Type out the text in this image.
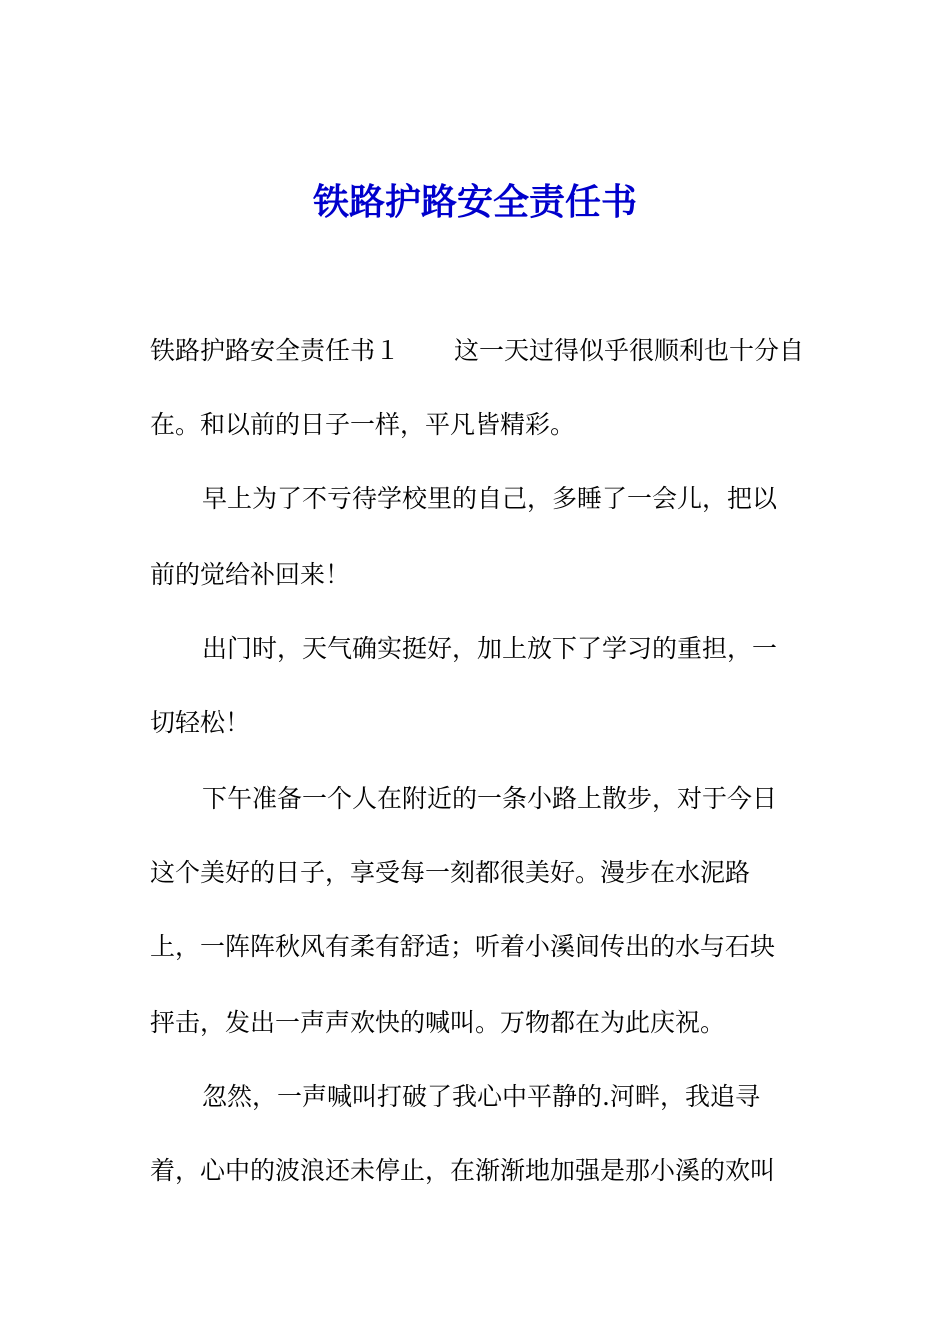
铁路护路安全责任书

铁路护路安全责任书１ 这一天过得似乎很顺利也十分自

在。和以前的日子一样，平凡皆精彩。

早上为了不亏待学校里的自己，多睡了一会儿，把以

前的觉给补回来！

出门时，天气确实挺好，加上放下了学习的重担，一

切轻松！

下午准备一个人在附近的一条小路上散步，对于今日

这个美好的日子，享受每一刻都很美好。漫步在水泥路

上，一阵阵秋风有柔有舒适；听着小溪间传出的水与石块

抨击，发出一声声欢快的喊叫。万物都在为此庆祝。

忽然，一声喊叫打破了我心中平静的.河畔，我追寻

着，心中的波浪还未停止，在渐渐地加强是那小溪的欢叫
